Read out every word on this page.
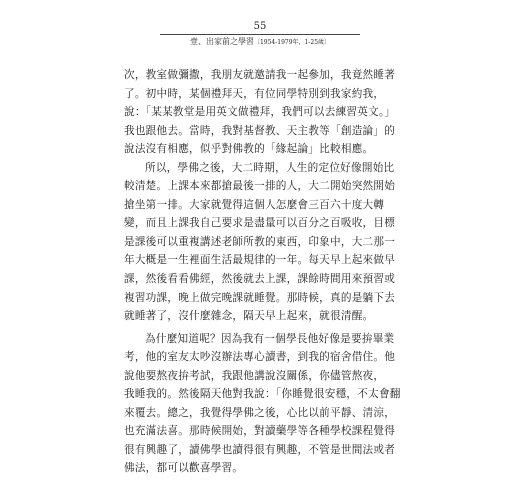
55
壹、出家前之學習〔1954-1979年，1-25歲〕
次，教室做彌撒，我朋友就邀請我一起參加，我竟然睡著
了。初中時，某個禮拜天，有位同學特別到我家約我，
說：「某某教堂是用英文做禮拜，我們可以去練習英文。」
我也跟他去。當時，我對基督教、天主教等「創造論」的
說法沒有相應，似乎對佛教的「緣起論」比較相應。
所以，學佛之後，大二時期，人生的定位好像開始比
較清楚。上課本來都搶最後一排的人，大二開始突然開始
搶坐第一排。大家就覺得這個人怎麼會三百六十度大轉
變，而且上課我自己要求是盡量可以百分之百吸收，目標
是課後可以重複講述老師所教的東西，印象中，大二那一
年大概是一生裡面生活最規律的一年。每天早上起來做早
課，然後看看佛經，然後就去上課，課餘時間用來預習或
複習功課，晚上做完晚課就睡覺。那時候，真的是躺下去
就睡著了，沒什麼雜念，隔天早上起來，就很清醒。
為什麼知道呢？因為我有一個學長他好像是要拚畢業
考，他的室友太吵沒辦法專心讀書，到我的宿舍借住。他
說他要熬夜拚考試，我跟他講說沒關係，你儘管熬夜，
我睡我的。然後隔天他對我說：「你睡覺很安穩，不太會翻
來覆去。總之，我覺得學佛之後，心比以前平靜、清涼，
也充滿法喜。那時候開始，對讀藥學等各種學校課程覺得
很有興趣了，讀佛學也讀得很有興趣，不管是世間法或者
佛法，都可以歡喜學習。
